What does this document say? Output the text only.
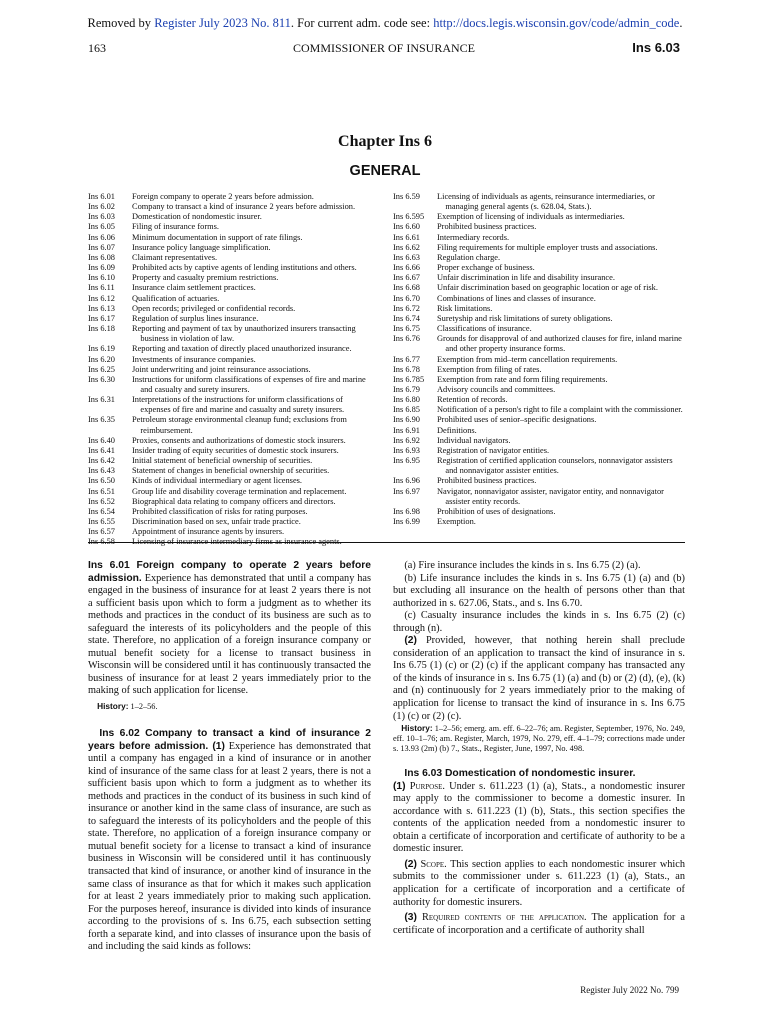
Removed by Register July 2023 No. 811. For current adm. code see: http://docs.legis.wisconsin.gov/code/admin_code.
163	COMMISSIONER OF INSURANCE	Ins 6.03
Chapter Ins 6
GENERAL
Ins 6.01	Foreign company to operate 2 years before admission.
Ins 6.02	Company to transact a kind of insurance 2 years before admission.
Ins 6.03	Domestication of nondomestic insurer.
Ins 6.05	Filing of insurance forms.
Ins 6.06	Minimum documentation in support of rate filings.
Ins 6.07	Insurance policy language simplification.
Ins 6.08	Claimant representatives.
Ins 6.09	Prohibited acts by captive agents of lending institutions and others.
Ins 6.10	Property and casualty premium restrictions.
Ins 6.11	Insurance claim settlement practices.
Ins 6.12	Qualification of actuaries.
Ins 6.13	Open records; privileged or confidential records.
Ins 6.17	Regulation of surplus lines insurance.
Ins 6.18	Reporting and payment of tax by unauthorized insurers transacting business in violation of law.
Ins 6.19	Reporting and taxation of directly placed unauthorized insurance.
Ins 6.20	Investments of insurance companies.
Ins 6.25	Joint underwriting and joint reinsurance associations.
Ins 6.30	Instructions for uniform classifications of expenses of fire and marine and casualty and surety insurers.
Ins 6.31	Interpretations of the instructions for uniform classifications of expenses of fire and marine and casualty and surety insurers.
Ins 6.35	Petroleum storage environmental cleanup fund; exclusions from reimbursement.
Ins 6.40	Proxies, consents and authorizations of domestic stock insurers.
Ins 6.41	Insider trading of equity securities of domestic stock insurers.
Ins 6.42	Initial statement of beneficial ownership of securities.
Ins 6.43	Statement of changes in beneficial ownership of securities.
Ins 6.50	Kinds of individual intermediary or agent licenses.
Ins 6.51	Group life and disability coverage termination and replacement.
Ins 6.52	Biographical data relating to company officers and directors.
Ins 6.54	Prohibited classification of risks for rating purposes.
Ins 6.55	Discrimination based on sex, unfair trade practice.
Ins 6.57	Appointment of insurance agents by insurers.
Ins 6.58	Licensing of insurance intermediary firms as insurance agents.
Ins 6.59	Licensing of individuals as agents, reinsurance intermediaries, or managing general agents (s. 628.04, Stats.).
Ins 6.595	Exemption of licensing of individuals as intermediaries.
Ins 6.60	Prohibited business practices.
Ins 6.61	Intermediary records.
Ins 6.62	Filing requirements for multiple employer trusts and associations.
Ins 6.63	Regulation charge.
Ins 6.66	Proper exchange of business.
Ins 6.67	Unfair discrimination in life and disability insurance.
Ins 6.68	Unfair discrimination based on geographic location or age of risk.
Ins 6.70	Combinations of lines and classes of insurance.
Ins 6.72	Risk limitations.
Ins 6.74	Suretyship and risk limitations of surety obligations.
Ins 6.75	Classifications of insurance.
Ins 6.76	Grounds for disapproval of and authorized clauses for fire, inland marine and other property insurance forms.
Ins 6.77	Exemption from mid–term cancellation requirements.
Ins 6.78	Exemption from filing of rates.
Ins 6.785	Exemption from rate and form filing requirements.
Ins 6.79	Advisory councils and committees.
Ins 6.80	Retention of records.
Ins 6.85	Notification of a person's right to file a complaint with the commissioner.
Ins 6.90	Prohibited uses of senior–specific designations.
Ins 6.91	Definitions.
Ins 6.92	Individual navigators.
Ins 6.93	Registration of navigator entities.
Ins 6.95	Registration of certified application counselors, nonnavigator assisters and nonnavigator assister entities.
Ins 6.96	Prohibited business practices.
Ins 6.97	Navigator, nonnavigator assister, navigator entity, and nonnavigator assister entity records.
Ins 6.98	Prohibition of uses of designations.
Ins 6.99	Exemption.

Ins 6.01 Foreign company to operate 2 years before admission. Experience has demonstrated that until a company has engaged in the business of insurance for at least 2 years there is not a sufficient basis upon which to form a judgment as to whether its methods and practices in the conduct of its business are such as to safeguard the interests of its policyholders and the people of this state. Therefore, no application of a foreign insurance company or mutual benefit society for a license to transact business in Wisconsin will be considered until it has continuously transacted the business of insurance for at least 2 years immediately prior to the making of such application for license.

History: 1–2–56.

Ins 6.02 Company to transact a kind of insurance 2 years before admission. (1) Experience has demonstrated that until a company has engaged in a kind of insurance or in another kind of insurance of the same class for at least 2 years, there is not a sufficient basis upon which to form a judgment as to whether its methods and practices in the conduct of its business in such kind of insurance or another kind in the same class of insurance, are such as to safeguard the interests of its policyholders and the people of this state. Therefore, no application of a foreign insurance company or mutual benefit society for a license to transact a kind of insurance business in Wisconsin will be considered until it has continuously transacted that kind of insurance, or another kind of insurance in the same class of insurance as that for which it makes such application for at least 2 years immediately prior to making such application. For the purposes hereof, insurance is divided into kinds of insurance according to the provisions of s. Ins 6.75, each subsection setting forth a separate kind, and into classes of insurance upon the basis of and including the said kinds as follows:

(a) Fire insurance includes the kinds in s. Ins 6.75 (2) (a).

(b) Life insurance includes the kinds in s. Ins 6.75 (1) (a) and (b) but excluding all insurance on the health of persons other than that authorized in s. 627.06, Stats., and s. Ins 6.70.

(c) Casualty insurance includes the kinds in s. Ins 6.75 (2) (c) through (n).

(2) Provided, however, that nothing herein shall preclude consideration of an application to transact the kind of insurance in s. Ins 6.75 (1) (c) or (2) (c) if the applicant company has transacted any of the kinds of insurance in s. Ins 6.75 (1) (a) and (b) or (2) (d), (e), (k) and (n) continuously for 2 years immediately prior to the making of application for license to transact the kind of insurance in s. Ins 6.75 (1) (c) or (2) (c).

History: 1–2–56; emerg. am. eff. 6–22–76; am. Register, September, 1976, No. 249, eff. 10–1–76; am. Register, March, 1979, No. 279, eff. 4–1–79; corrections made under s. 13.93 (2m) (b) 7., Stats., Register, June, 1997, No. 498.

Ins 6.03 Domestication of nondomestic insurer.

(1) Purpose. Under s. 611.223 (1) (a), Stats., a nondomestic insurer may apply to the commissioner to become a domestic insurer. In accordance with s. 611.223 (1) (b), Stats., this section specifies the contents of the application needed from a nondomestic insurer to obtain a certificate of incorporation and certificate of authority to be a domestic insurer.

(2) Scope. This section applies to each nondomestic insurer which submits to the commissioner under s. 611.223 (1) (a), Stats., an application for a certificate of incorporation and a certificate of authority for domestic insurers.

(3) Required contents of the application. The application for a certificate of incorporation and a certificate of authority shall

Register July 2022 No. 799
